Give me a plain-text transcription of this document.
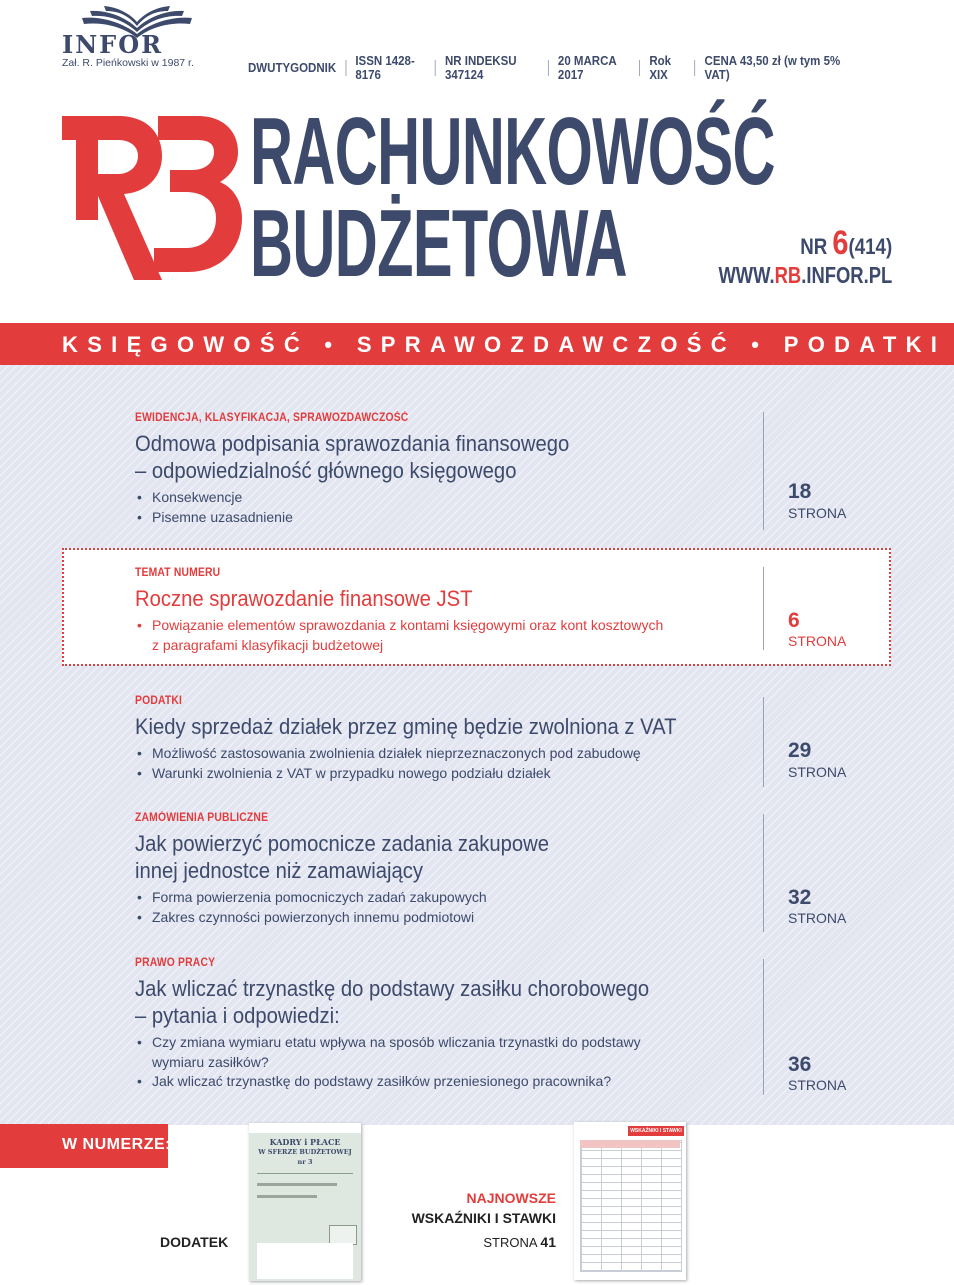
INFOR
Zał. R. Pieńkowski w 1987 r.	DWUTYGODNIK ISSN 1428-8176
NR INDEKSU 347124
20 MARCA 2017
Rok XIX
CENA 43,50 zł (w tym 5% VAT)
RACHUNKOWOŚĆ
BUDŻETOWA	NR 6(414)
WWW.RB.INFOR.PL
KSIĘGOWOŚĆ • SPRAWOZDAWCZOŚĆ • PODATKI
EWIDENCJA, KLASYFIKACJA, SPRAWOZDAWCZOŚĆ
Odmowa podpisania sprawozdania finansowego
– odpowiedzialność głównego księgowego
• Konsekwencje
• Pisemne uzasadnienie
18
STRONA
TEMAT NUMERU
Roczne sprawozdanie finansowe JST
• Powiązanie elementów sprawozdania z kontami księgowymi oraz kont kosztowych
z paragrafami klasyfikacji budżetowej
6
STRONA
PODATKI
Kiedy sprzedaż działek przez gminę będzie zwolniona z VAT
• Możliwość zastosowania zwolnienia działek nieprzeznaczonych pod zabudowę
• Warunki zwolnienia z VAT w przypadku nowego podziału działek
29
STRONA
ZAMÓWIENIA PUBLICZNE
Jak powierzyć pomocnicze zadania zakupowe
innej jednostce niż zamawiający
• Forma powierzenia pomocniczych zadań zakupowych
• Zakres czynności powierzonych innemu podmiotowi
32
STRONA
PRAWO PRACY
Jak wliczać trzynastkę do podstawy zasiłku chorobowego
– pytania i odpowiedzi:
• Czy zmiana wymiaru etatu wpływa na sposób wliczania trzynastki do podstawy
wymiaru zasiłków?
• Jak wliczać trzynastkę do podstawy zasiłków przeniesionego pracownika?
36
STRONA
W NUMERZE:	KADRY i PŁACE
W SFERZE BUDŻETOWEJ nr 3
WSKAŹNIKI I STAWKI
DODATEK
NAJNOWSZE
WSKAŹNIKI I STAWKI
STRONA 41
